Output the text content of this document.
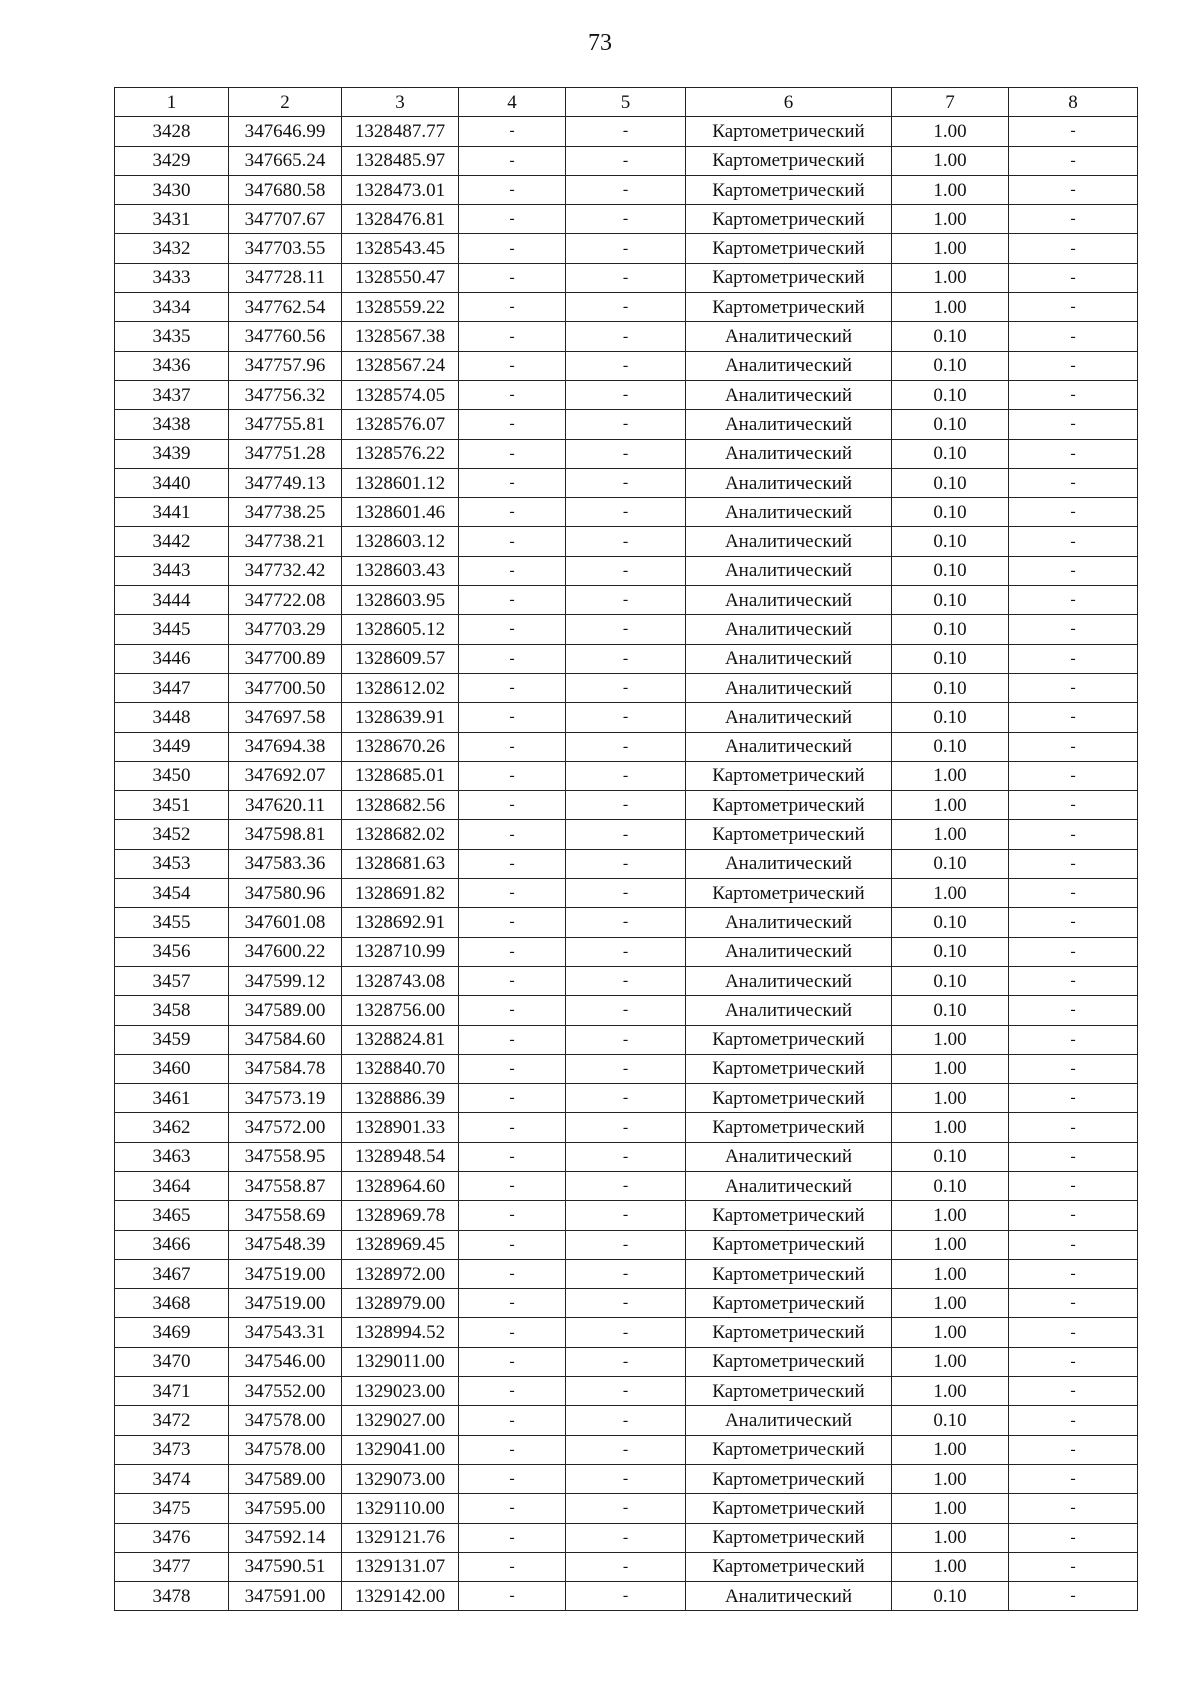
73
1	2	3	4	5	6	7	8
3428	347646.99	1328487.77	-	-	Картометрический	1.00	-
3429	347665.24	1328485.97	-	-	Картометрический	1.00	-
3430	347680.58	1328473.01	-	-	Картометрический	1.00	-
3431	347707.67	1328476.81	-	-	Картометрический	1.00	-
3432	347703.55	1328543.45	-	-	Картометрический	1.00	-
3433	347728.11	1328550.47	-	-	Картометрический	1.00	-
3434	347762.54	1328559.22	-	-	Картометрический	1.00	-
3435	347760.56	1328567.38	-	-	Аналитический	0.10	-
3436	347757.96	1328567.24	-	-	Аналитический	0.10	-
3437	347756.32	1328574.05	-	-	Аналитический	0.10	-
3438	347755.81	1328576.07	-	-	Аналитический	0.10	-
3439	347751.28	1328576.22	-	-	Аналитический	0.10	-
3440	347749.13	1328601.12	-	-	Аналитический	0.10	-
3441	347738.25	1328601.46	-	-	Аналитический	0.10	-
3442	347738.21	1328603.12	-	-	Аналитический	0.10	-
3443	347732.42	1328603.43	-	-	Аналитический	0.10	-
3444	347722.08	1328603.95	-	-	Аналитический	0.10	-
3445	347703.29	1328605.12	-	-	Аналитический	0.10	-
3446	347700.89	1328609.57	-	-	Аналитический	0.10	-
3447	347700.50	1328612.02	-	-	Аналитический	0.10	-
3448	347697.58	1328639.91	-	-	Аналитический	0.10	-
3449	347694.38	1328670.26	-	-	Аналитический	0.10	-
3450	347692.07	1328685.01	-	-	Картометрический	1.00	-
3451	347620.11	1328682.56	-	-	Картометрический	1.00	-
3452	347598.81	1328682.02	-	-	Картометрический	1.00	-
3453	347583.36	1328681.63	-	-	Аналитический	0.10	-
3454	347580.96	1328691.82	-	-	Картометрический	1.00	-
3455	347601.08	1328692.91	-	-	Аналитический	0.10	-
3456	347600.22	1328710.99	-	-	Аналитический	0.10	-
3457	347599.12	1328743.08	-	-	Аналитический	0.10	-
3458	347589.00	1328756.00	-	-	Аналитический	0.10	-
3459	347584.60	1328824.81	-	-	Картометрический	1.00	-
3460	347584.78	1328840.70	-	-	Картометрический	1.00	-
3461	347573.19	1328886.39	-	-	Картометрический	1.00	-
3462	347572.00	1328901.33	-	-	Картометрический	1.00	-
3463	347558.95	1328948.54	-	-	Аналитический	0.10	-
3464	347558.87	1328964.60	-	-	Аналитический	0.10	-
3465	347558.69	1328969.78	-	-	Картометрический	1.00	-
3466	347548.39	1328969.45	-	-	Картометрический	1.00	-
3467	347519.00	1328972.00	-	-	Картометрический	1.00	-
3468	347519.00	1328979.00	-	-	Картометрический	1.00	-
3469	347543.31	1328994.52	-	-	Картометрический	1.00	-
3470	347546.00	1329011.00	-	-	Картометрический	1.00	-
3471	347552.00	1329023.00	-	-	Картометрический	1.00	-
3472	347578.00	1329027.00	-	-	Аналитический	0.10	-
3473	347578.00	1329041.00	-	-	Картометрический	1.00	-
3474	347589.00	1329073.00	-	-	Картометрический	1.00	-
3475	347595.00	1329110.00	-	-	Картометрический	1.00	-
3476	347592.14	1329121.76	-	-	Картометрический	1.00	-
3477	347590.51	1329131.07	-	-	Картометрический	1.00	-
3478	347591.00	1329142.00	-	-	Аналитический	0.10	-
